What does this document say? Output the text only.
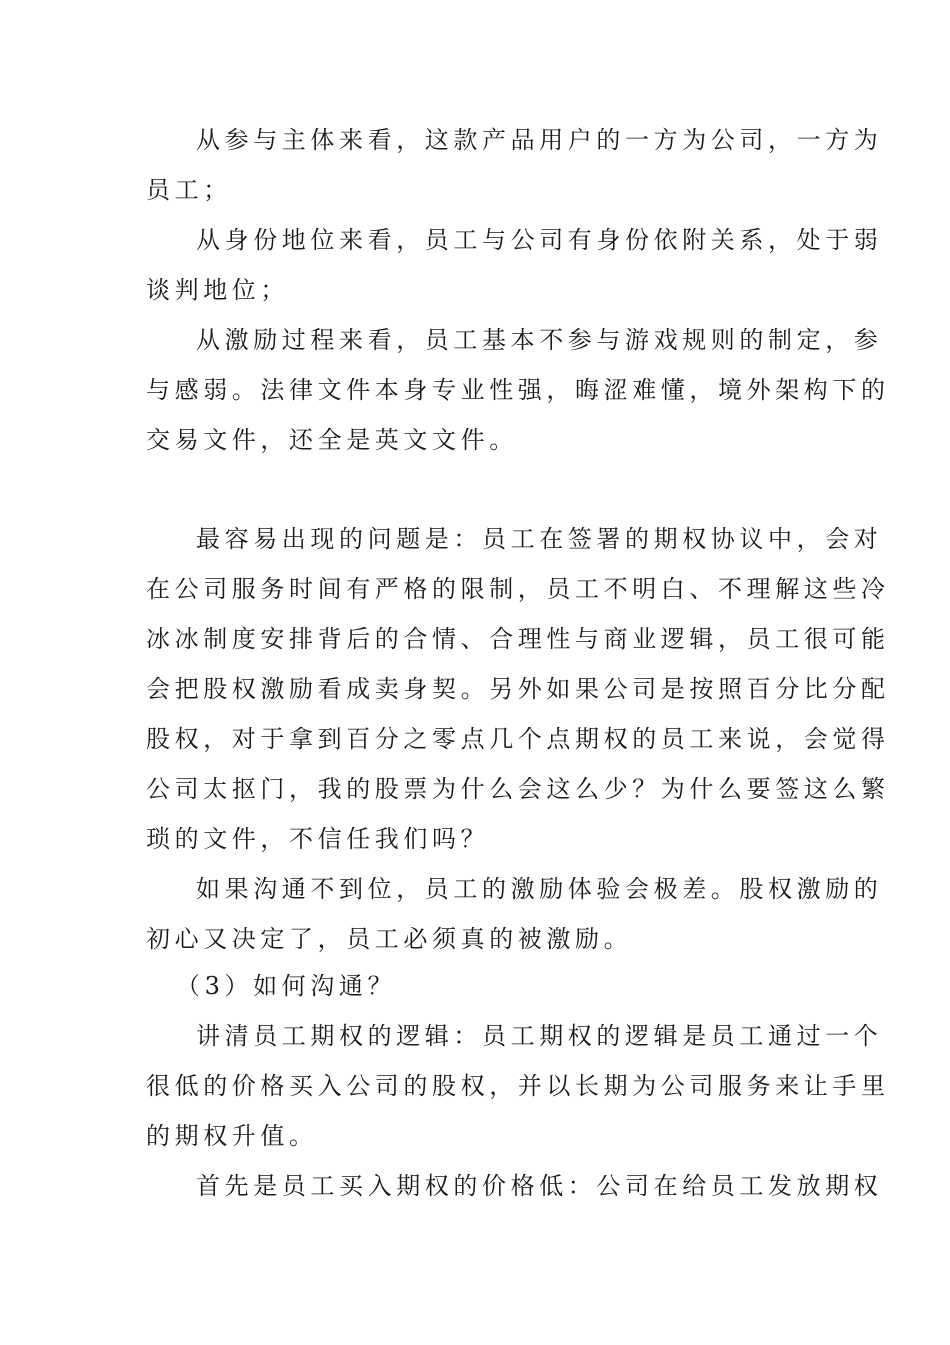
从参与主体来看，这款产品用户的一方为公司，一方为
员工；
从身份地位来看，员工与公司有身份依附关系，处于弱
谈判地位；
从激励过程来看，员工基本不参与游戏规则的制定，参
与感弱。法律文件本身专业性强，晦涩难懂，境外架构下的
交易文件，还全是英文文件。
最容易出现的问题是：员工在签署的期权协议中，会对
在公司服务时间有严格的限制，员工不明白、不理解这些冷
冰冰制度安排背后的合情、合理性与商业逻辑，员工很可能
会把股权激励看成卖身契。另外如果公司是按照百分比分配
股权，对于拿到百分之零点几个点期权的员工来说，会觉得
公司太抠门，我的股票为什么会这么少？为什么要签这么繁
琐的文件，不信任我们吗？
如果沟通不到位，员工的激励体验会极差。股权激励的
初心又决定了，员工必须真的被激励。
（3）如何沟通？
讲清员工期权的逻辑：员工期权的逻辑是员工通过一个
很低的价格买入公司的股权，并以长期为公司服务来让手里
的期权升值。
首先是员工买入期权的价格低：公司在给员工发放期权
